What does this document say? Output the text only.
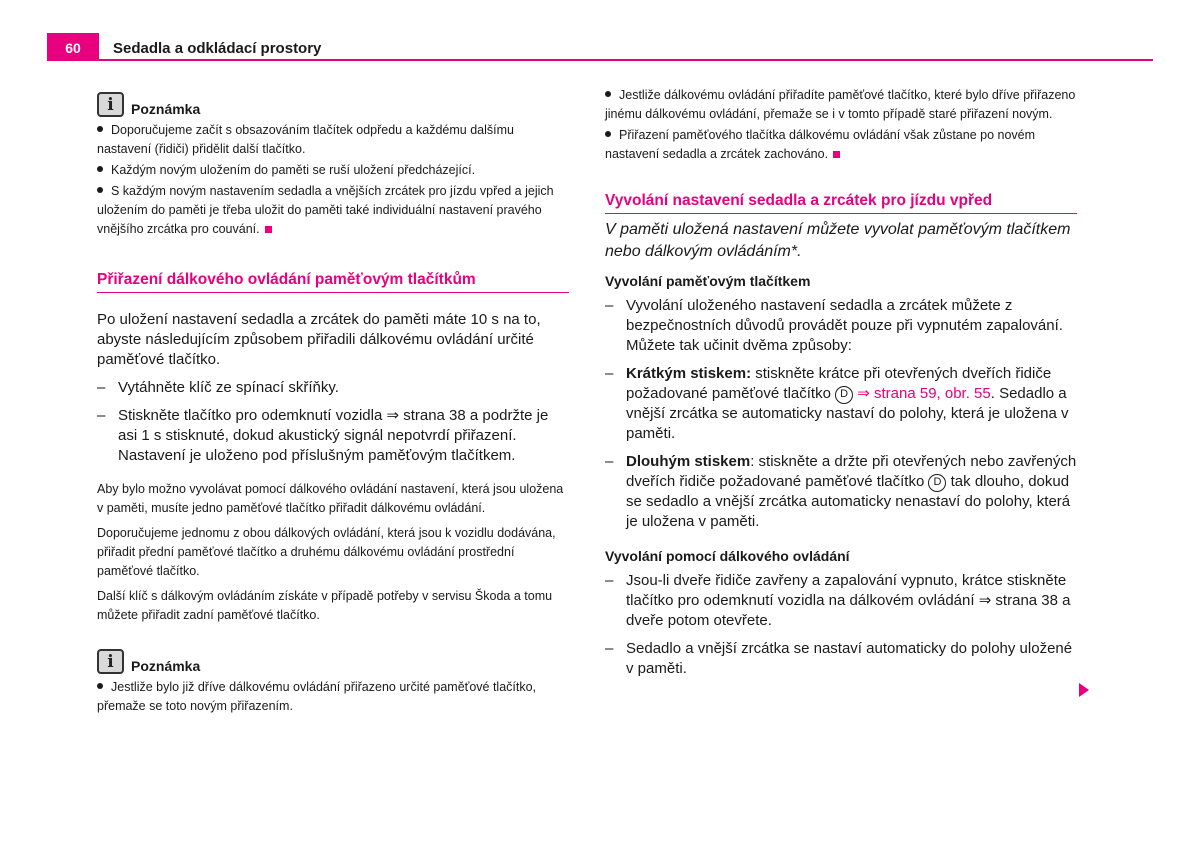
60	Sedadla a odkládací prostory
i	Poznámka
Doporučujeme začít s obsazováním tlačítek odpředu a každému dalšímu nastavení (řidiči) přidělit další tlačítko.
Každým novým uložením do paměti se ruší uložení předcházející.
S každým novým nastavením sedadla a vnějších zrcátek pro jízdu vpřed a jejich uložením do paměti je třeba uložit do paměti také individuální nastavení pravého vnějšího zrcátka pro couvání.
Přiřazení dálkového ovládání paměťovým tlačítkům
Po uložení nastavení sedadla a zrcátek do paměti máte 10 s na to, abyste následujícím způsobem přiřadili dálkovému ovládání určité paměťové tlačítko.
– Vytáhněte klíč ze spínací skříňky.
– Stiskněte tlačítko pro odemknutí vozidla ⇒ strana 38 a podržte je asi 1 s stisknuté, dokud akustický signál nepotvrdí přiřazení. Nastavení je uloženo pod příslušným paměťovým tlačítkem.
Aby bylo možno vyvolávat pomocí dálkového ovládání nastavení, která jsou uložena v paměti, musíte jedno paměťové tlačítko přiřadit dálkovému ovládání.
Doporučujeme jednomu z obou dálkových ovládání, která jsou k vozidlu dodávána, přiřadit přední paměťové tlačítko a druhému dálkovému ovládání prostřední paměťové tlačítko.
Další klíč s dálkovým ovládáním získáte v případě potřeby v servisu Škoda a tomu můžete přiřadit zadní paměťové tlačítko.
i	Poznámka
Jestliže bylo již dříve dálkovému ovládání přiřazeno určité paměťové tlačítko, přemaže se toto novým přiřazením.
Jestliže dálkovému ovládání přiřadíte paměťové tlačítko, které bylo dříve přiřazeno jinému dálkovému ovládání, přemaže se i v tomto případě staré přiřazení novým.
Přiřazení paměťového tlačítka dálkovému ovládání však zůstane po novém nastavení sedadla a zrcátek zachováno.
Vyvolání nastavení sedadla a zrcátek pro jízdu vpřed
V paměti uložená nastavení můžete vyvolat paměťovým tlačítkem nebo dálkovým ovládáním*.
Vyvolání paměťovým tlačítkem
– Vyvolání uloženého nastavení sedadla a zrcátek můžete z bezpečnostních důvodů provádět pouze při vypnutém zapalování. Můžete tak učinit dvěma způsoby:
– Krátkým stiskem: stiskněte krátce při otevřených dveřích řidiče požadované paměťové tlačítko D ⇒ strana 59, obr. 55. Sedadlo a vnější zrcátka se automaticky nastaví do polohy, která je uložena v paměti.
– Dlouhým stiskem: stiskněte a držte při otevřených nebo zavřených dveřích řidiče požadované paměťové tlačítko D tak dlouho, dokud se sedadlo a vnější zrcátka automaticky nenastaví do polohy, která je uložena v paměti.
Vyvolání pomocí dálkového ovládání
– Jsou-li dveře řidiče zavřeny a zapalování vypnuto, krátce stiskněte tlačítko pro odemknutí vozidla na dálkovém ovládání ⇒ strana 38 a dveře potom otevřete.
– Sedadlo a vnější zrcátka se nastaví automaticky do polohy uložené v paměti.
